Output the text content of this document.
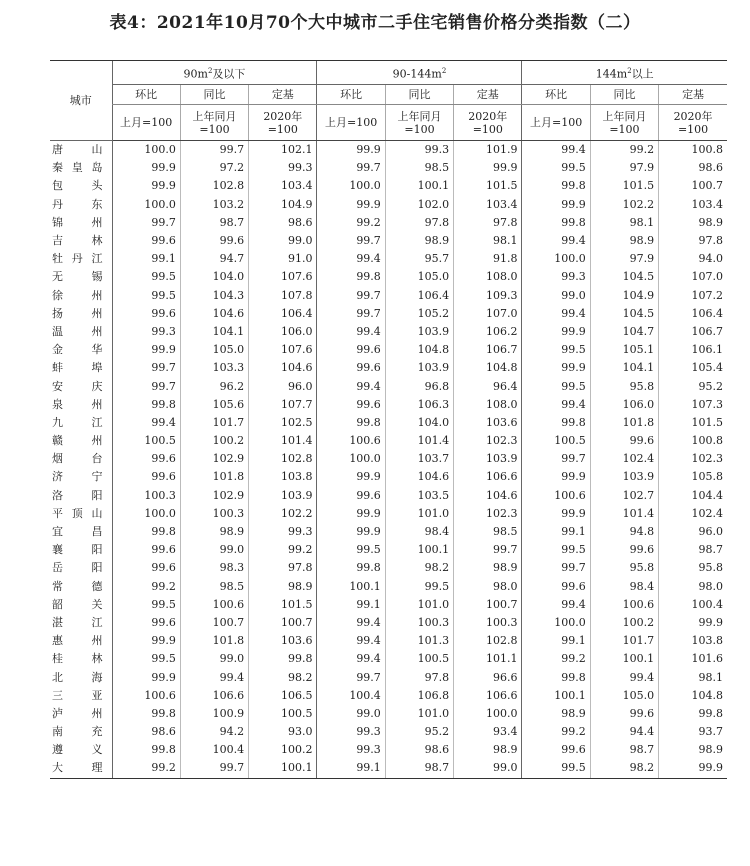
表4：2021年10月70个大中城市二手住宅销售价格分类指数（二）
城市	$90m^2$及以下			$90-144m^2$			$144m^2$以上		
	环比	同比	定基	环比	同比	定基	环比	同比	定基
	上月=100	上年同月=100	2020年=100	上月=100	上年同月=100	2020年=100	上月=100	上年同月=100	2020年=100
唐山	100.0	99.7	102.1	99.9	99.3	101.9	99.4	99.2	100.8
秦皇岛	99.9	97.2	99.3	99.7	98.5	99.9	99.5	97.9	98.6
包头	99.9	102.8	103.4	100.0	100.1	101.5	99.8	101.5	100.7
丹东	100.0	103.2	104.9	99.9	102.0	103.4	99.9	102.2	103.4
锦州	99.7	98.7	98.6	99.2	97.8	97.8	99.8	98.1	98.9
吉林	99.6	99.6	99.0	99.7	98.9	98.1	99.4	98.9	97.8
牡丹江	99.1	94.7	91.0	99.4	95.7	91.8	100.0	97.9	94.0
无锡	99.5	104.0	107.6	99.8	105.0	108.0	99.3	104.5	107.0
徐州	99.5	104.3	107.8	99.7	106.4	109.3	99.0	104.9	107.2
扬州	99.6	104.6	106.4	99.7	105.2	107.0	99.4	104.5	106.4
温州	99.3	104.1	106.0	99.4	103.9	106.2	99.9	104.7	106.7
金华	99.9	105.0	107.6	99.6	104.8	106.7	99.5	105.1	106.1
蚌埠	99.7	103.3	104.6	99.6	103.9	104.8	99.9	104.1	105.4
安庆	99.7	96.2	96.0	99.4	96.8	96.4	99.5	95.8	95.2
泉州	99.8	105.6	107.7	99.6	106.3	108.0	99.4	106.0	107.3
九江	99.4	101.7	102.5	99.8	104.0	103.6	99.8	101.8	101.5
赣州	100.5	100.2	101.4	100.6	101.4	102.3	100.5	99.6	100.8
烟台	99.6	102.9	102.8	100.0	103.7	103.9	99.7	102.4	102.3
济宁	99.6	101.8	103.8	99.9	104.6	106.6	99.9	103.9	105.8
洛阳	100.3	102.9	103.9	99.6	103.5	104.6	100.6	102.7	104.4
平顶山	100.0	100.3	102.2	99.9	101.0	102.3	99.9	101.4	102.4
宜昌	99.8	98.9	99.3	99.9	98.4	98.5	99.1	94.8	96.0
襄阳	99.6	99.0	99.2	99.5	100.1	99.7	99.5	99.6	98.7
岳阳	99.6	98.3	97.8	99.8	98.2	98.9	99.7	95.8	95.8
常德	99.2	98.5	98.9	100.1	99.5	98.0	99.6	98.4	98.0
韶关	99.5	100.6	101.5	99.1	101.0	100.7	99.4	100.6	100.4
湛江	99.6	100.7	100.7	99.4	100.3	100.3	100.0	100.2	99.9
惠州	99.9	101.8	103.6	99.4	101.3	102.8	99.1	101.7	103.8
桂林	99.5	99.0	99.8	99.4	100.5	101.1	99.2	100.1	101.6
北海	99.9	99.4	98.2	99.7	97.8	96.6	99.8	99.4	98.1
三亚	100.6	106.6	106.5	100.4	106.8	106.6	100.1	105.0	104.8
泸州	99.8	100.9	100.5	99.0	101.0	100.0	98.9	99.6	99.8
南充	98.6	94.2	93.0	99.3	95.2	93.4	99.2	94.4	93.7
遵义	99.8	100.4	100.2	99.3	98.6	98.9	99.6	98.7	98.9
大理	99.2	99.7	100.1	99.1	98.7	99.0	99.5	98.2	99.9
